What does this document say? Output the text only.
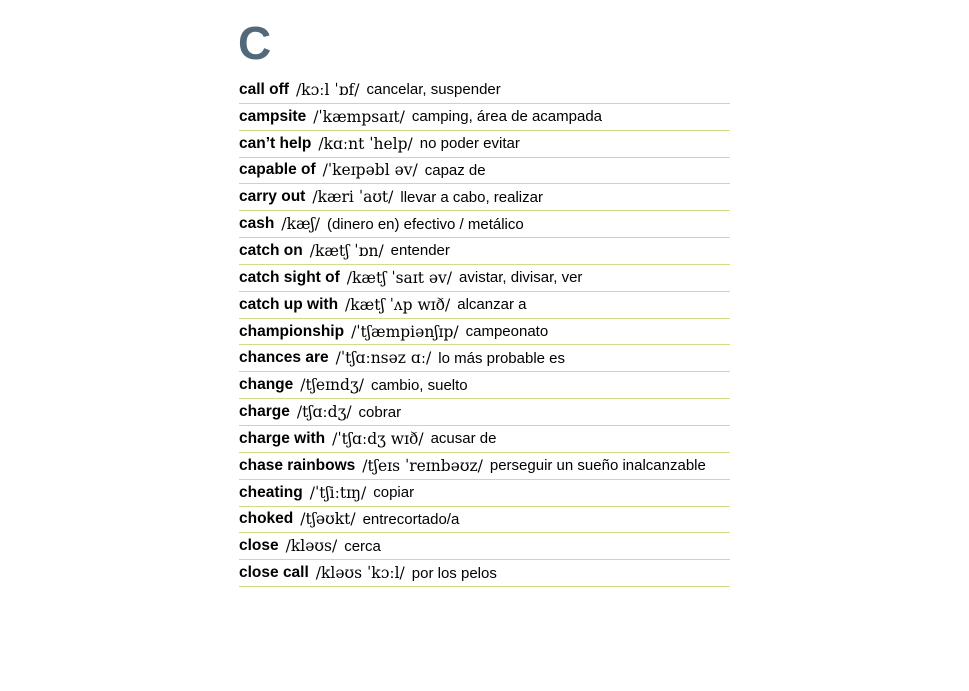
C
call off /kɔːl ˈɒf/ cancelar, suspender
campsite /ˈkæmpsaɪt/ camping, área de acampada
can’t help /kɑːnt ˈhelp/ no poder evitar
capable of /ˈkeɪpəbl əv/ capaz de
carry out /kæri ˈaʊt/ llevar a cabo, realizar
cash /kæʃ/ (dinero en) efectivo / metálico
catch on /kætʃ ˈɒn/ entender
catch sight of /kætʃ ˈsaɪt əv/ avistar, divisar, ver
catch up with /kætʃ ˈʌp wɪð/ alcanzar a
championship /ˈtʃæmpiənʃɪp/ campeonato
chances are /ˈtʃɑːnsəz ɑː/ lo más probable es
change /tʃeɪndʒ/ cambio, suelto
charge /tʃɑːdʒ/ cobrar
charge with /ˈtʃɑːdʒ wɪð/ acusar de
chase rainbows /tʃeɪs ˈreɪnbəʊz/ perseguir un sueño inalcanzable
cheating /ˈtʃiːtɪŋ/ copiar
choked /tʃəʊkt/ entrecortado/a
close /kləʊs/ cerca
close call /kləʊs ˈkɔːl/ por los pelos
